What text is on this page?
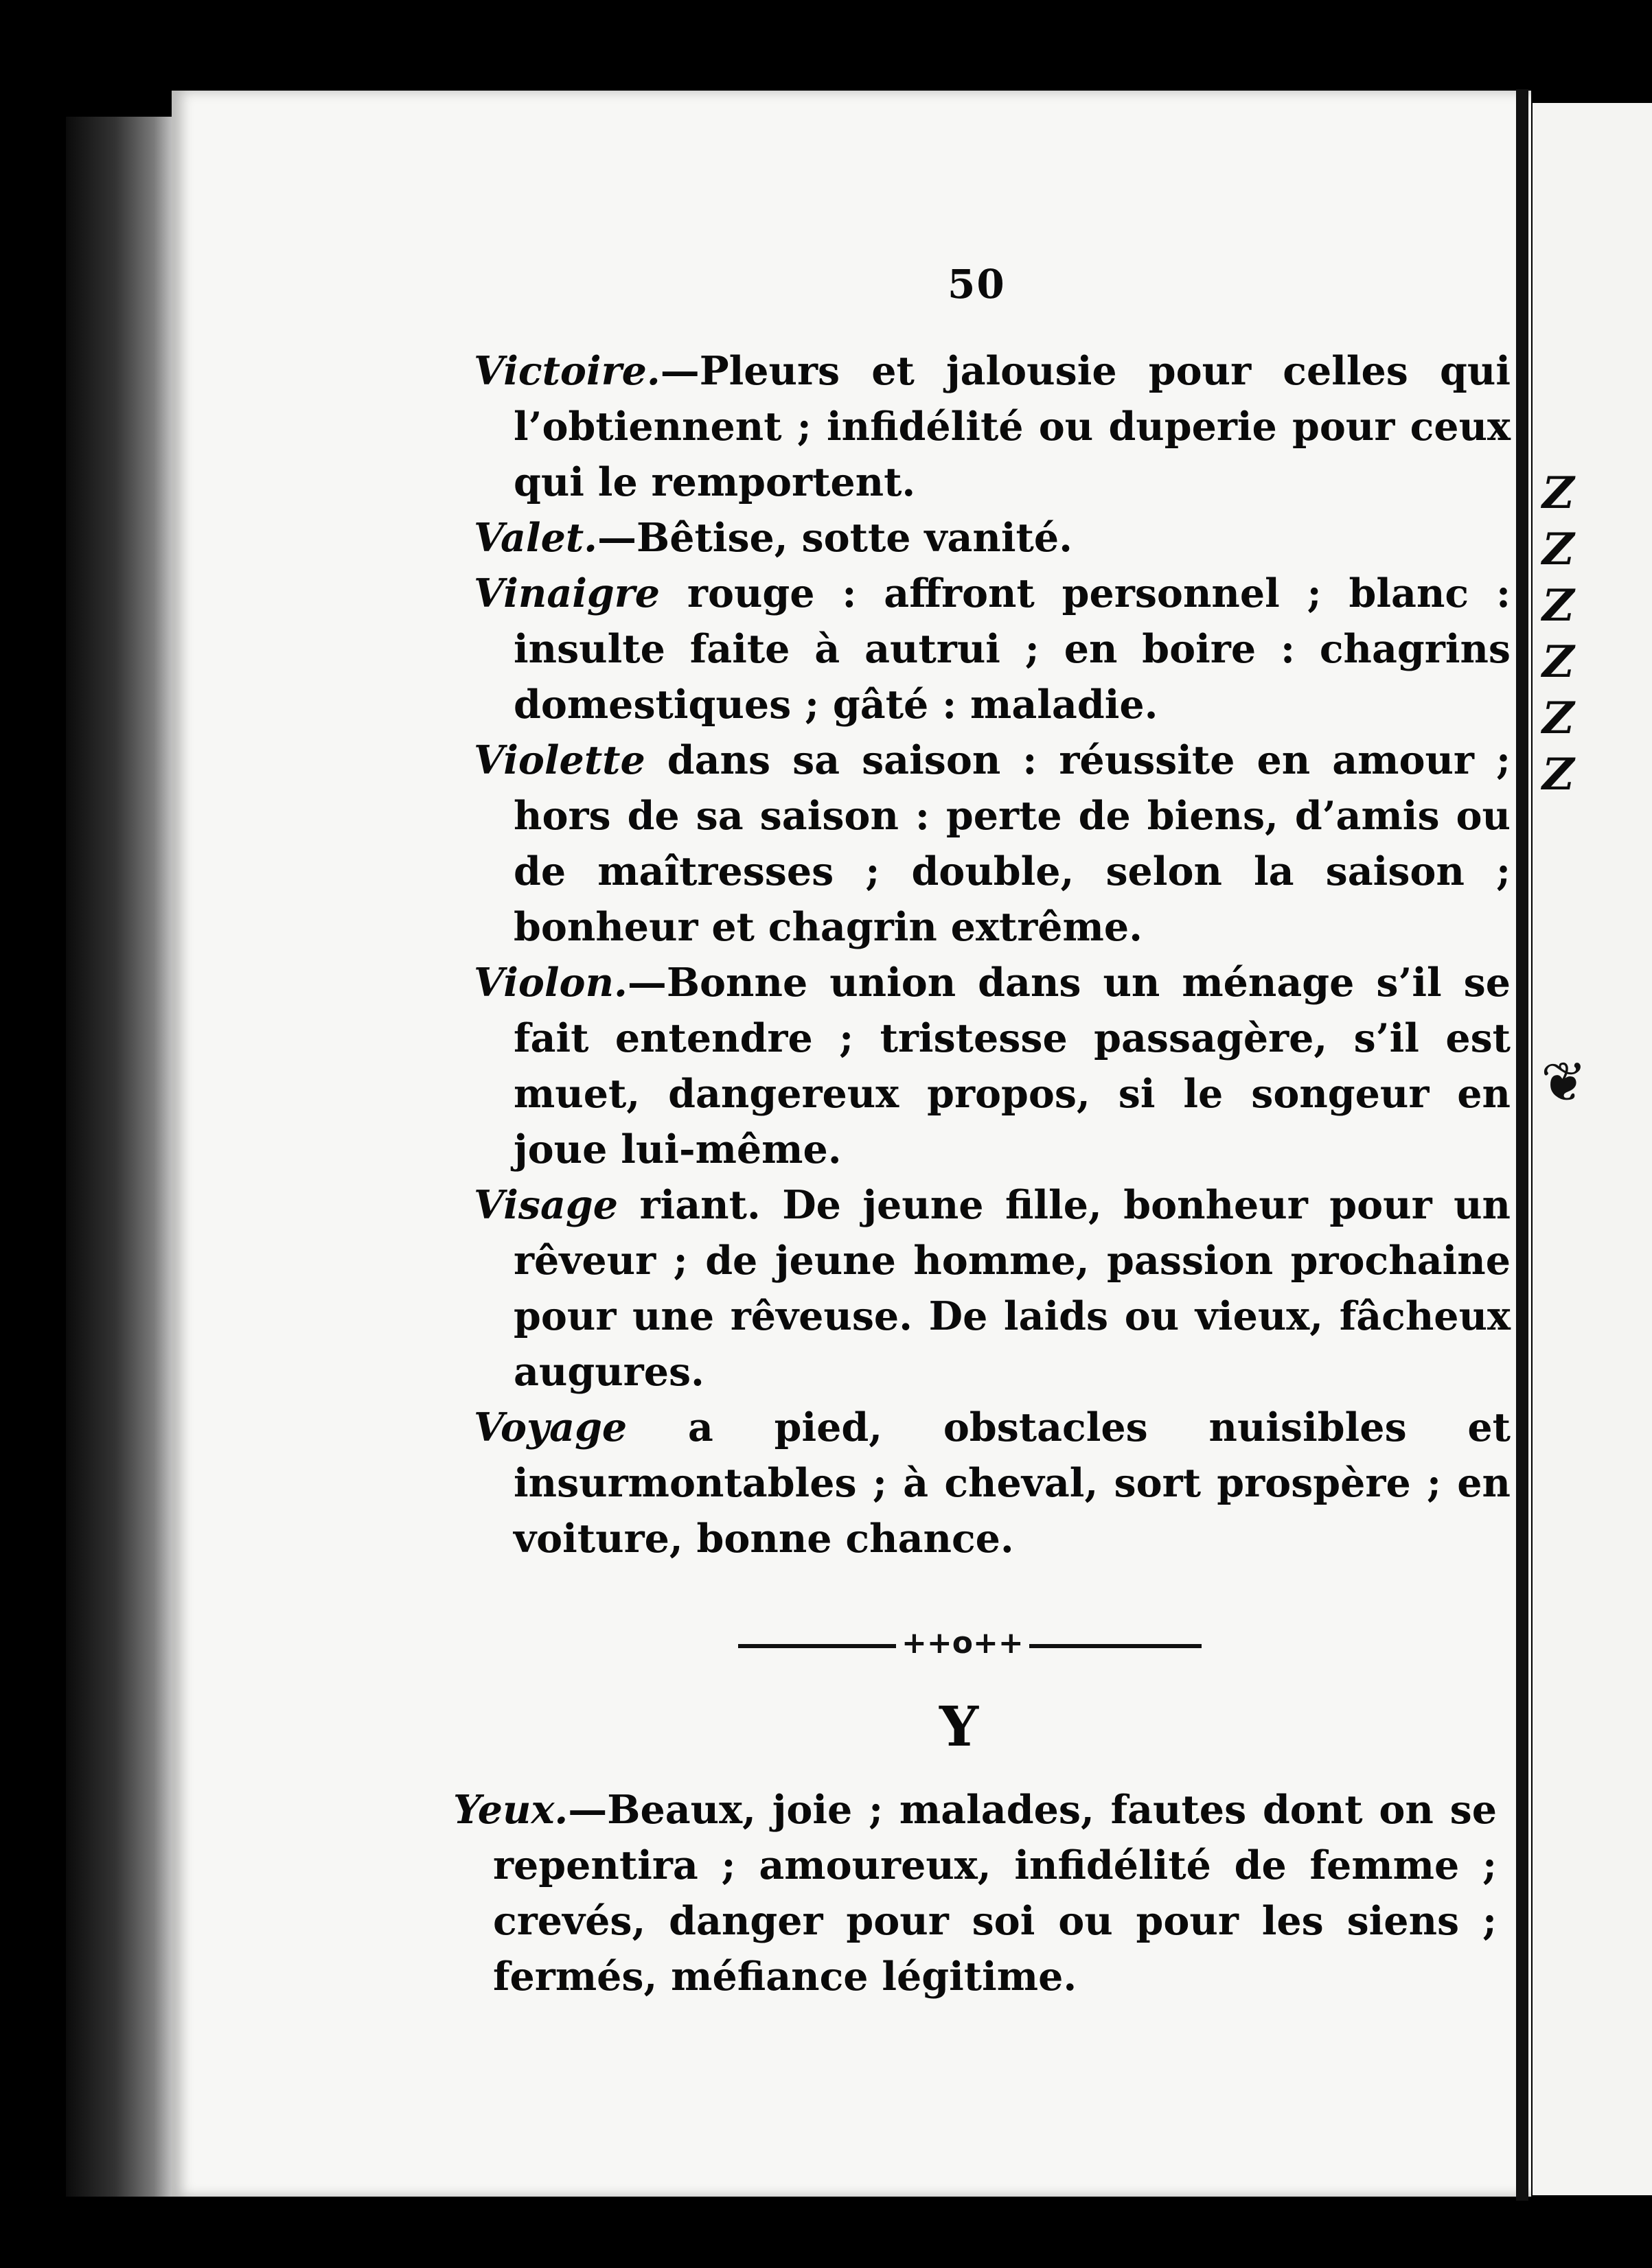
Z
Z
Z
Z
Z
Z
❦
50

Victoire.—Pleurs et jalousie pour celles qui l’obtiennent ; infidélité ou duperie pour ceux qui le remportent.

Valet.—Bêtise, sotte vanité.

Vinaigre rouge : affront personnel ; blanc : insulte faite à autrui ; en boire : chagrins domestiques ; gâté : maladie.

Violette dans sa saison : réussite en amour ; hors de sa saison : perte de biens, d’amis ou de maîtresses ; double, selon la saison ; bonheur et chagrin extrême.

Violon.—Bonne union dans un ménage s’il se fait entendre ; tristesse passagère, s’il est muet, dangereux propos, si le songeur en joue lui-même.

Visage riant. De jeune fille, bonheur pour un rêveur ; de jeune homme, passion prochaine pour une rêveuse. De laids ou vieux, fâcheux augures.

Voyage a pied, obstacles nuisibles et insurmontables ; à cheval, sort prospère ; en voiture, bonne chance.

++o++
Y

Yeux.—Beaux, joie ; malades, fautes dont on se repentira ; amoureux, infidélité de femme ; crevés, danger pour soi ou pour les siens ; fermés, méfiance légitime.
